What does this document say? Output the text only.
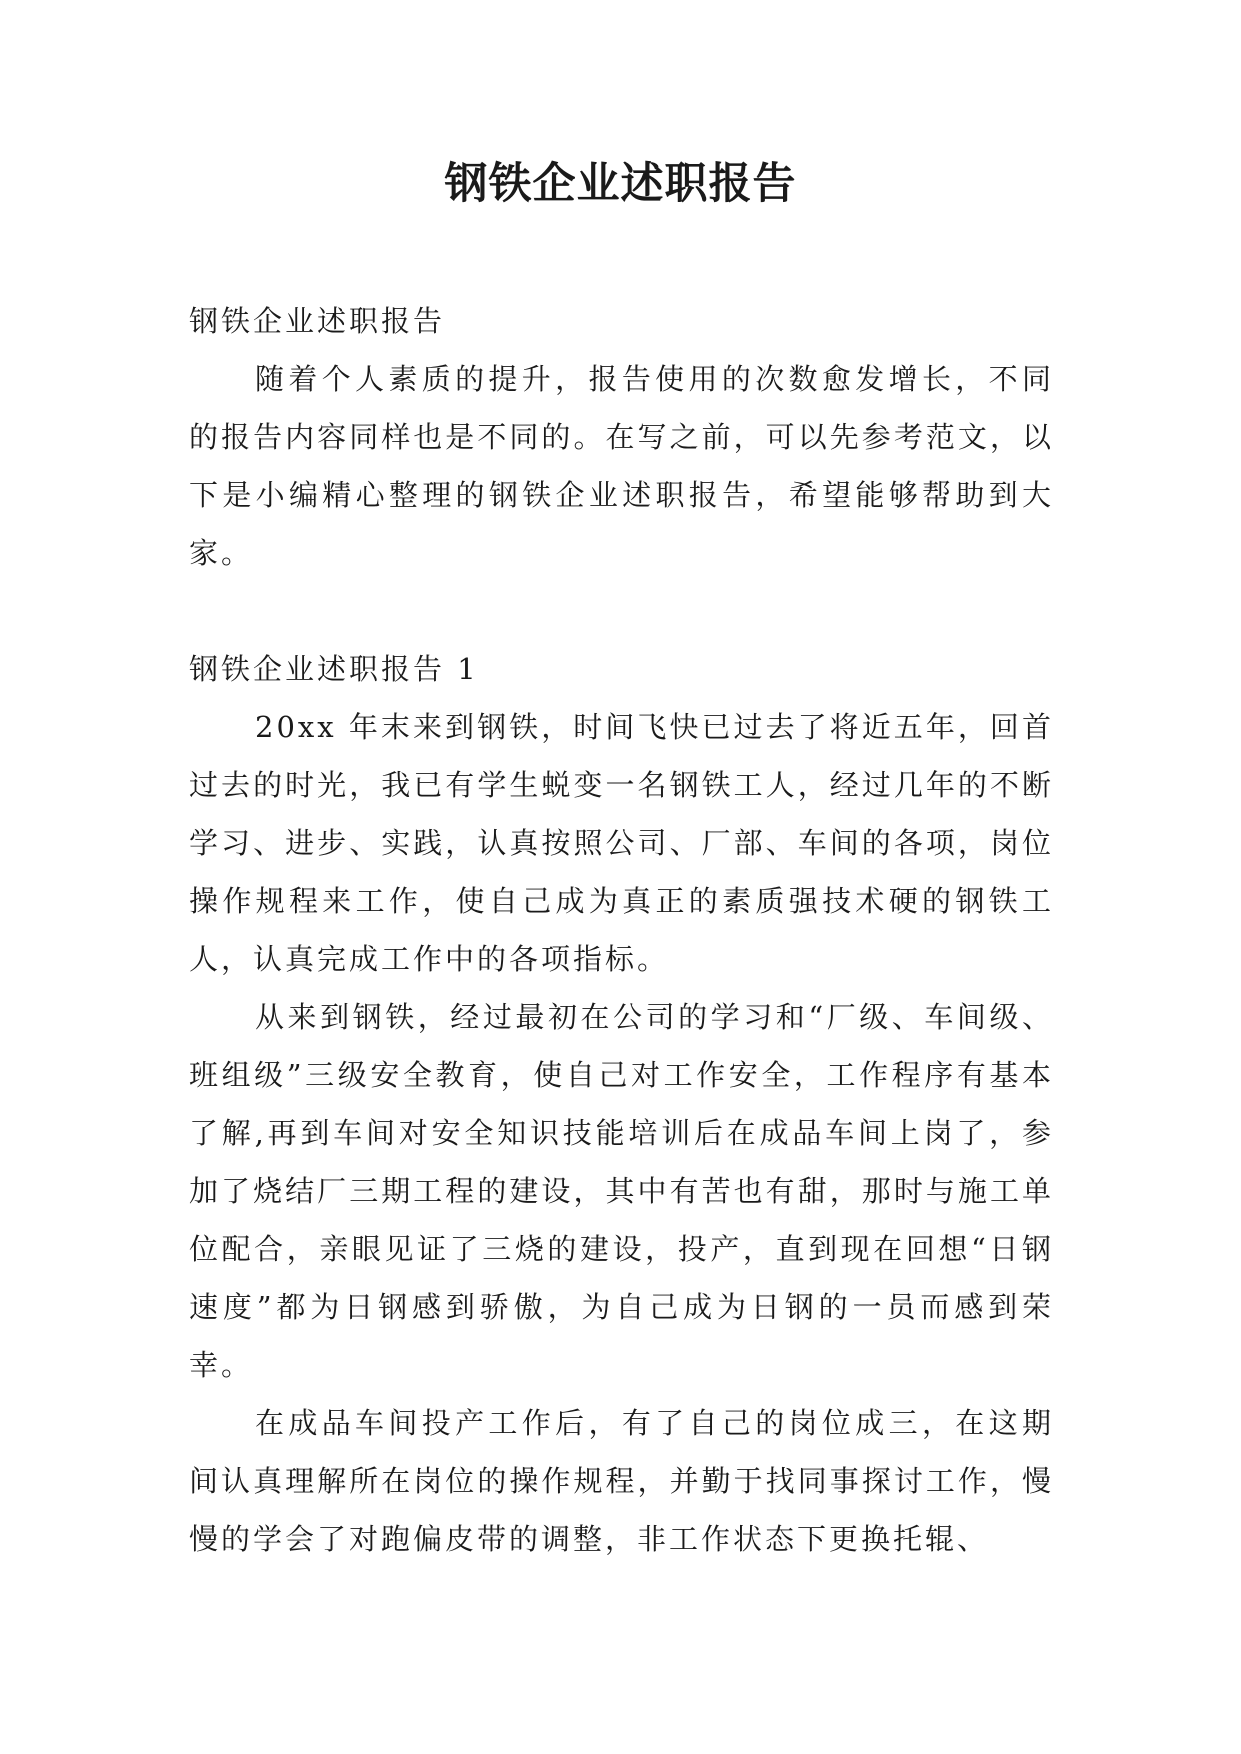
钢铁企业述职报告

钢铁企业述职报告

随着个人素质的提升，报告使用的次数愈发增长，不同的报告内容同样也是不同的。在写之前，可以先参考范文，以下是小编精心整理的钢铁企业述职报告，希望能够帮助到大家。

钢铁企业述职报告 1

20xx 年末来到钢铁，时间飞快已过去了将近五年，回首过去的时光，我已有学生蜕变一名钢铁工人，经过几年的不断学习、进步、实践，认真按照公司、厂部、车间的各项，岗位操作规程来工作，使自己成为真正的素质强技术硬的钢铁工人，认真完成工作中的各项指标。

从来到钢铁，经过最初在公司的学习和“厂级、车间级、班组级”三级安全教育，使自己对工作安全，工作程序有基本了解,再到车间对安全知识技能培训后在成品车间上岗了，参加了烧结厂三期工程的建设，其中有苦也有甜，那时与施工单位配合，亲眼见证了三烧的建设，投产，直到现在回想“日钢速度”都为日钢感到骄傲，为自己成为日钢的一员而感到荣幸。

在成品车间投产工作后，有了自己的岗位成三，在这期间认真理解所在岗位的操作规程，并勤于找同事探讨工作，慢慢的学会了对跑偏皮带的调整，非工作状态下更换托辊、
